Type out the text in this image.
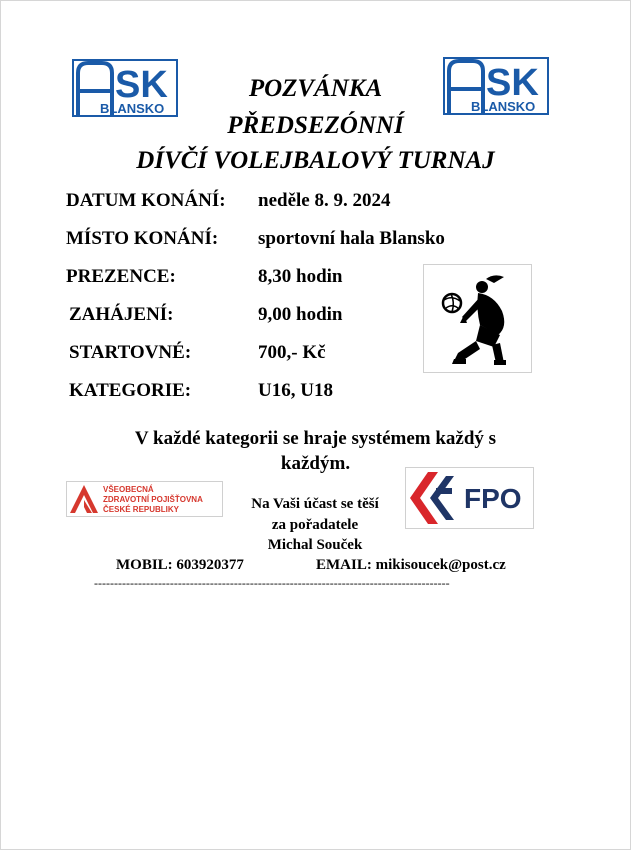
SK
BLANSKO
SK
BLANSKO
POZVÁNKA
PŘEDSEZÓNNÍ
DÍVČÍ VOLEJBALOVÝ TURNAJ
DATUM KONÁNÍ: neděle 8. 9. 2024
MÍSTO KONÁNÍ: sportovní hala Blansko
PREZENCE:	8,30 hodin
ZAHÁJENÍ:	9,00 hodin
STARTOVNÉ:	700,- Kč
KATEGORIE:	U16, U18
V každé kategorii se hraje systémem každý s
každým.
VŠEOBECNÁ
ZDRAVOTNÍ POJIŠŤOVNA
ČESKÉ REPUBLIKY	FPO
Na Vaši účast se těší
za pořadatele
Michal Souček
MOBIL: 603920377	EMAIL: mikisoucek@post.cz
-----------------------------------------------------------------------------------------
